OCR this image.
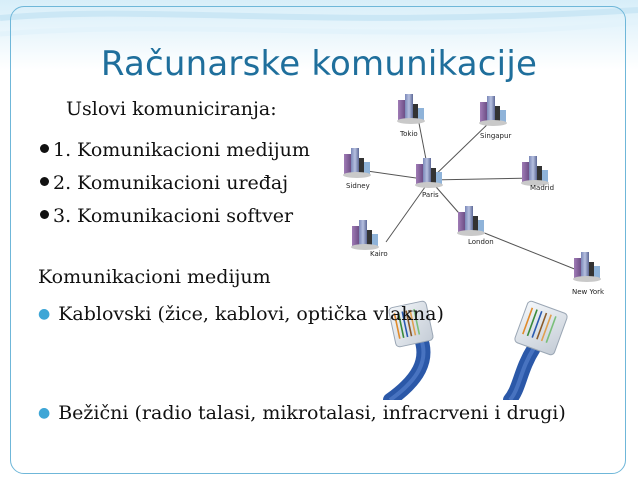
Računarske komunikacije
Uslovi komuniciranja:
1. Komunikacioni medijum
2. Komunikacioni uređaj
3. Komunikacioni softver
Tokio	Singapur
Sidney
Paris
Madrid
London
Kairo
New York
Komunikacioni medijum
● Kablovski (žice, kablovi, optička vlakna)
● Bežični (radio talasi, mikrotalasi, infracrveni i drugi)
